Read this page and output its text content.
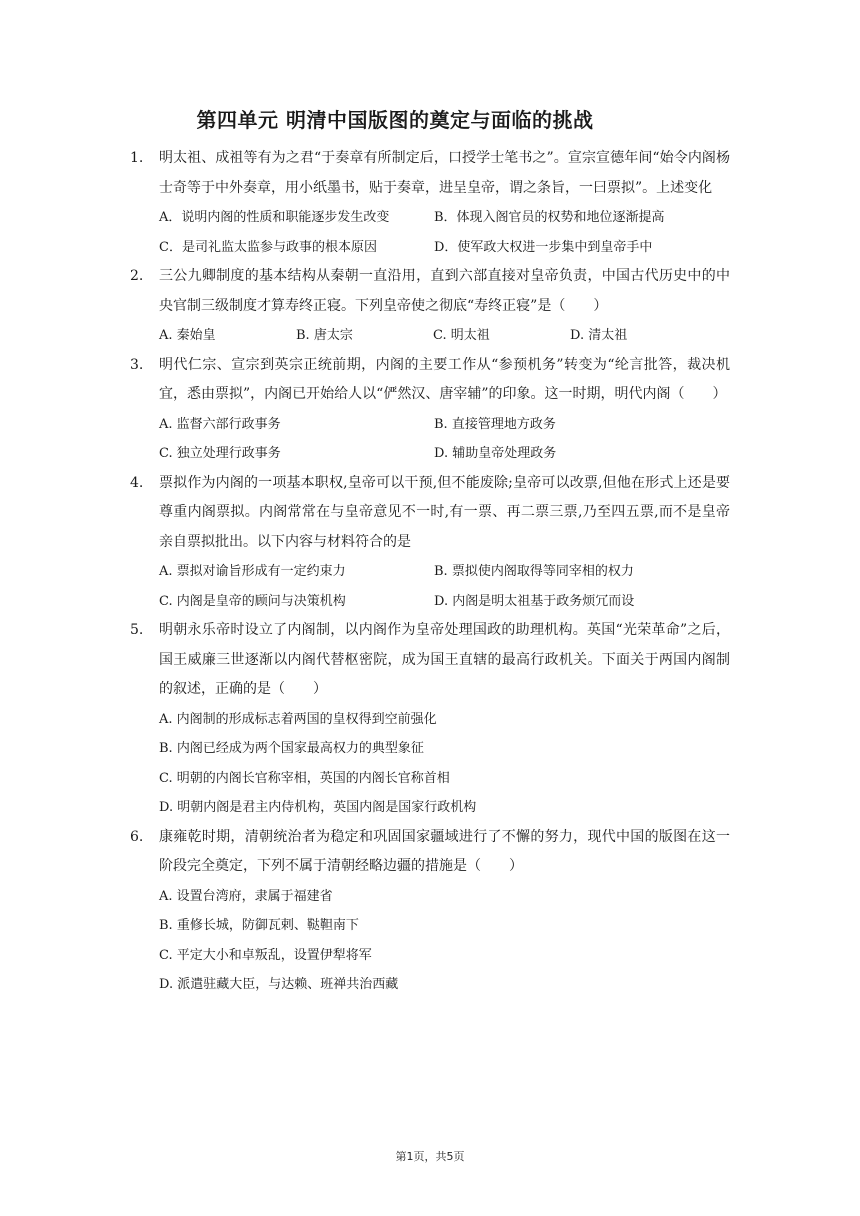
第四单元 明清中国版图的奠定与面临的挑战
1.	明太祖、成祖等有为之君“于奏章有所制定后，口授学士笔书之”。宣宗宣德年间“始令内阁杨士奇等于中外奏章，用小纸墨书，贴于奏章，进呈皇帝，谓之条旨，一曰票拟”。上述变化
A．说明内阁的性质和职能逐步发生改变	B．体现入阁官员的权势和地位逐渐提高
C．是司礼监太监参与政事的根本原因	D．使军政大权进一步集中到皇帝手中
2.	三公九卿制度的基本结构从秦朝一直沿用，直到六部直接对皇帝负责，中国古代历史中的中央官制三级制度才算寿终正寝。下列皇帝使之彻底“寿终正寝”是（　　）
A. 秦始皇	B. 唐太宗	C. 明太祖	D. 清太祖
3.	明代仁宗、宣宗到英宗正统前期，内阁的主要工作从“参预机务”转变为“纶言批答，裁决机宜，悉由票拟”，内阁已开始给人以“俨然汉、唐宰辅”的印象。这一时期，明代内阁（　　）
A. 监督六部行政事务	B. 直接管理地方政务
C. 独立处理行政事务	D. 辅助皇帝处理政务
4.	票拟作为内阁的一项基本职权,皇帝可以干预,但不能废除;皇帝可以改票,但他在形式上还是要尊重内阁票拟。内阁常常在与皇帝意见不一时,有一票、再二票三票,乃至四五票,而不是皇帝亲自票拟批出。以下内容与材料符合的是
A. 票拟对谕旨形成有一定约束力	B. 票拟使内阁取得等同宰相的权力
C. 内阁是皇帝的顾问与决策机构	D. 内阁是明太祖基于政务烦冗而设
5.	明朝永乐帝时设立了内阁制，以内阁作为皇帝处理国政的助理机构。英国“光荣革命”之后，国王威廉三世逐渐以内阁代替枢密院，成为国王直辖的最高行政机关。下面关于两国内阁制的叙述，正确的是（　　）
A. 内阁制的形成标志着两国的皇权得到空前强化
B. 内阁已经成为两个国家最高权力的典型象征
C. 明朝的内阁长官称宰相，英国的内阁长官称首相
D. 明朝内阁是君主内侍机构，英国内阁是国家行政机构
6.	康雍乾时期，清朝统治者为稳定和巩固国家疆域进行了不懈的努力，现代中国的版图在这一阶段完全奠定，下列不属于清朝经略边疆的措施是（　　）
A. 设置台湾府，隶属于福建省
B. 重修长城，防御瓦剌、鞑靼南下
C. 平定大小和卓叛乱，设置伊犁将军
D. 派遣驻藏大臣，与达赖、班禅共治西藏
第1页，共5页
